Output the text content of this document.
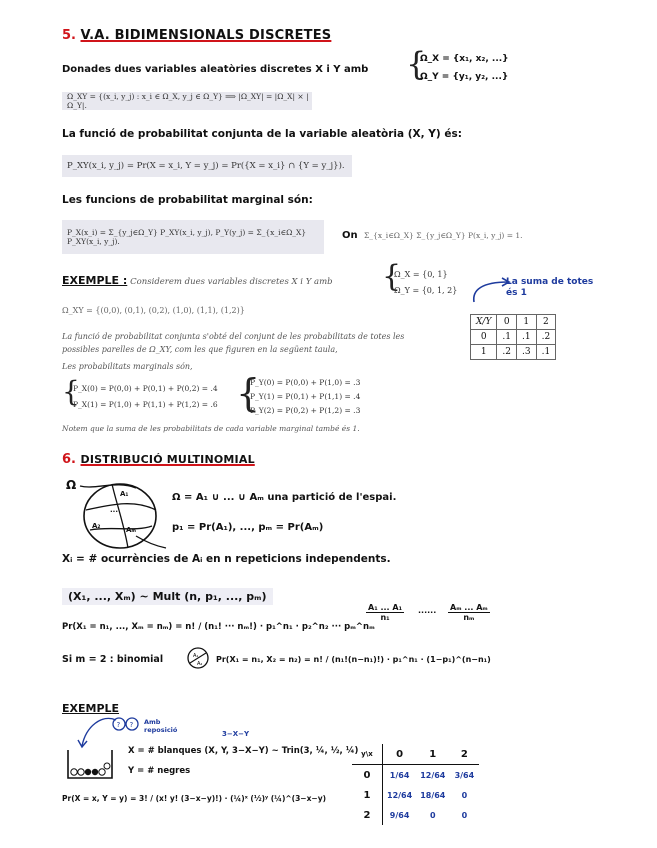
5. V.A. BIDIMENSIONALS DISCRETES
Donades dues variables aleatòries discretes X i Y amb {
Ω_X = {x₁, x₂, ...}
Ω_Y = {y₁, y₂, ...}
Ω_XY = {(x_i, y_j) : x_i ∈ Ω_X, y_j ∈ Ω_Y} ⟹ |Ω_XY| = |Ω_X| × |Ω_Y|.
La funció de probabilitat conjunta de la variable aleatòria (X, Y) és:
P_XY(x_i, y_j) = Pr(X = x_i, Y = y_j) = Pr({X = x_i} ∩ {Y = y_j}).
Les funcions de probabilitat marginal són:
P_X(x_i) = Σ_{y_j∈Ω_Y} P_XY(x_i, y_j), P_Y(y_j) = Σ_{x_i∈Ω_X} P_XY(x_i, y_j).
On Σ_{x_i∈Ω_X} Σ_{y_j∈Ω_Y} P(x_i, y_j) = 1.
EXEMPLE : Considerem dues variables discretes X i Y amb {
Ω_X = {0, 1}
Ω_Y = {0, 1, 2}
La suma de totes és 1
Ω_XY = {(0,0), (0,1), (0,2), (1,0), (1,1), (1,2)}
La funció de probabilitat conjunta s'obté del conjunt de les probabilitats de totes les possibles parelles de Ω_XY, com les que figuren en la següent taula,
Les probabilitats marginals són,
{
P_X(0) = P(0,0) + P(0,1) + P(0,2) = .4
P_X(1) = P(1,0) + P(1,1) + P(1,2) = .6 {
P_Y(0) = P(0,0) + P(1,0) = .3
P_Y(1) = P(0,1) + P(1,1) = .4
P_Y(2) = P(0,2) + P(1,2) = .3
Notem que la suma de les probabilitats de cada variable marginal també és 1.
X/Y	0	1	2
0	.1	.1	.2
1	.2	.3	.1
6. DISTRIBUCIÓ MULTINOMIAL
Ω
A₁
A₂
...
Aₘ
Ω = A₁ ∪ ... ∪ Aₘ una partició de l'espai.
p₁ = Pr(A₁), ..., pₘ = Pr(Aₘ)
Xᵢ = # ocurrències de Aᵢ en n repeticions independents.
(X₁, ..., Xₘ) ~ Mult (n, p₁, ..., pₘ)
$\frac{\text{A₁ ... A₁}}{\text{n₁}}$ ...... $\frac{\text{Aₘ ... Aₘ}}{\text{nₘ}}$
Pr(X₁ = n₁, ..., Xₘ = nₘ) = n! / (n₁! ··· nₘ!) · p₁^n₁ · p₂^n₂ ··· pₘ^nₘ
Si m = 2 : binomial	A₁
A₂ Pr(X₁ = n₁, X₂ = n₂) = n! / (n₁!(n−n₁)!) · p₁^n₁ · (1−p₁)^(n−n₁)
EXEMPLE
? ? Amb reposició	3−X−Y
X = # blanques (X, Y, 3−X−Y) ~ Trin(3, ¼, ½, ¼)
Y = # negres
Pr(X = x, Y = y) = 3! / (x! y! (3−x−y)!) · (¼)ˣ (½)ʸ (¼)^(3−x−y)
y\x	0	1	2
0	1/64	12/64	3/64
1	12/64	18/64	0
2	9/64	0	0
